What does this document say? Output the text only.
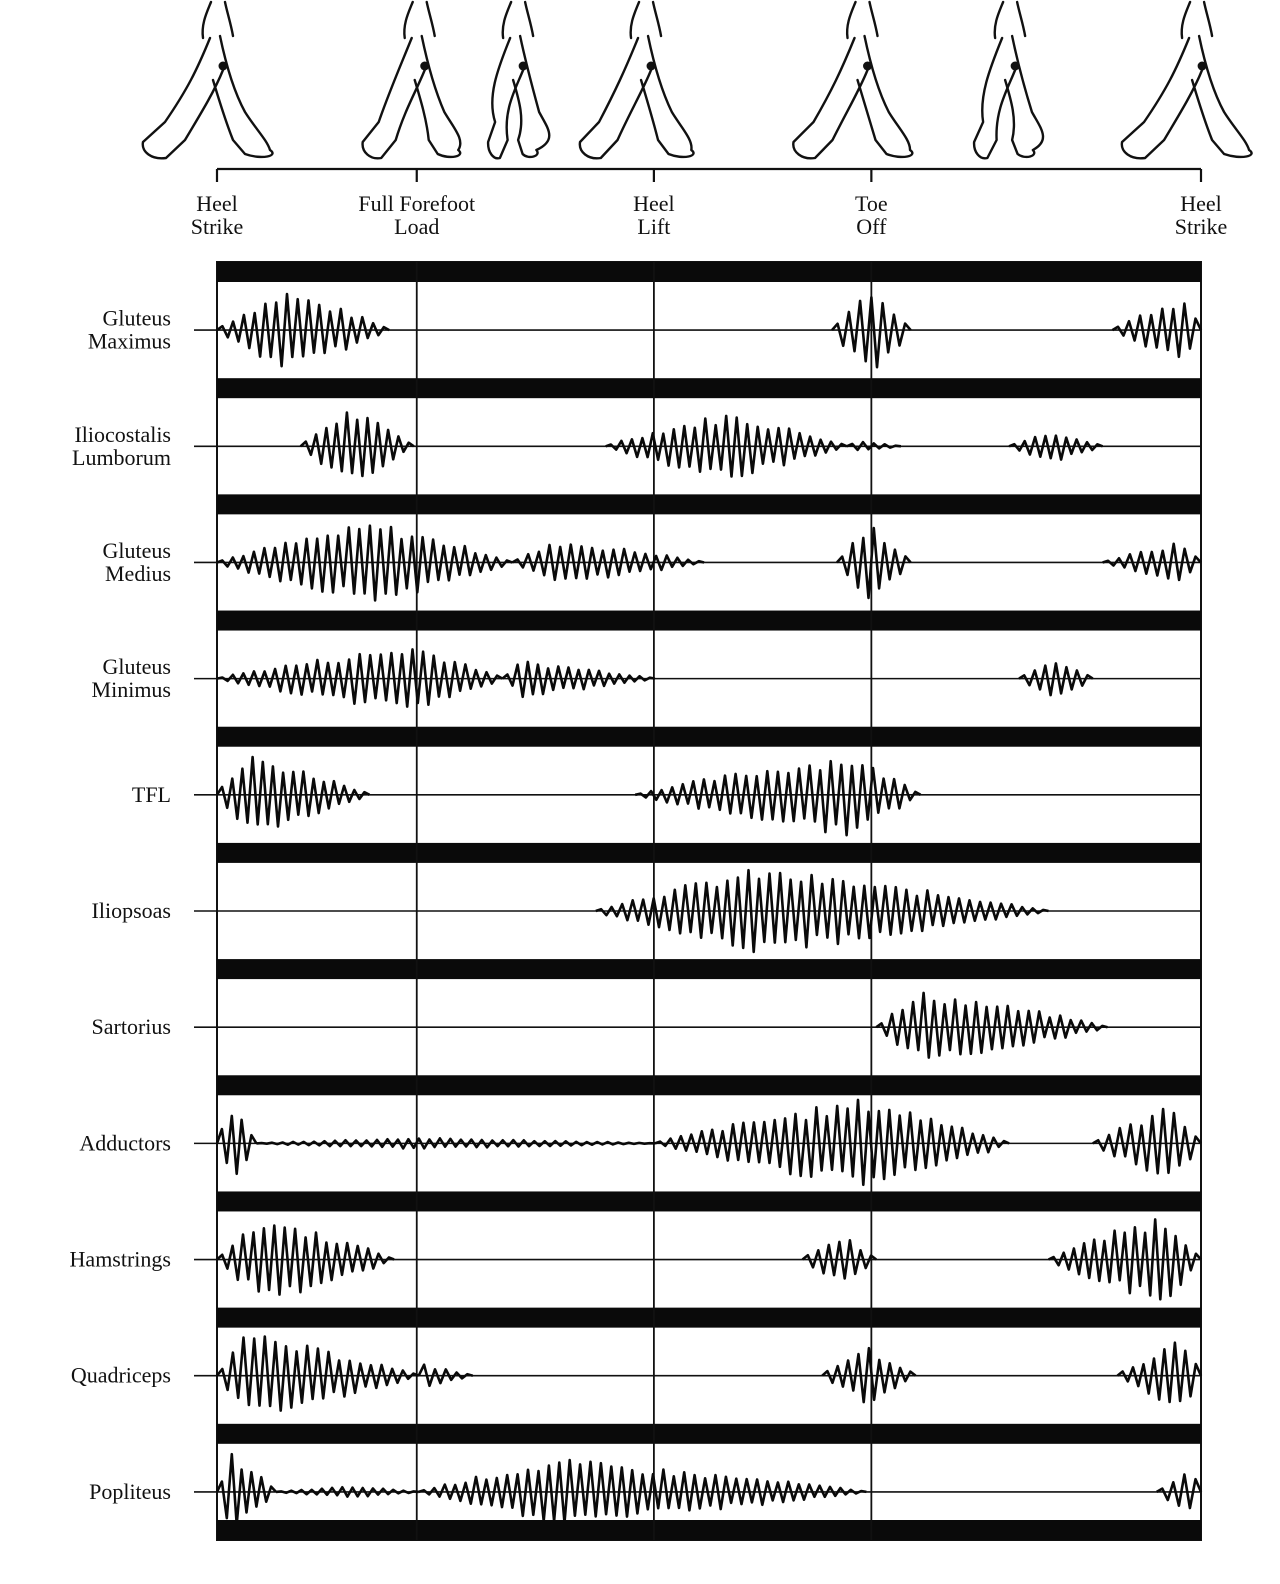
Heel Strike
Full Forefoot Load
Heel Lift
Toe Off
Heel Strike
Gluteus Maximus
Iliocostalis Lumborum
Gluteus Medius
Gluteus Minimus
TFL
Iliopsoas
Sartorius
Adductors
Hamstrings
Quadriceps
Popliteus
